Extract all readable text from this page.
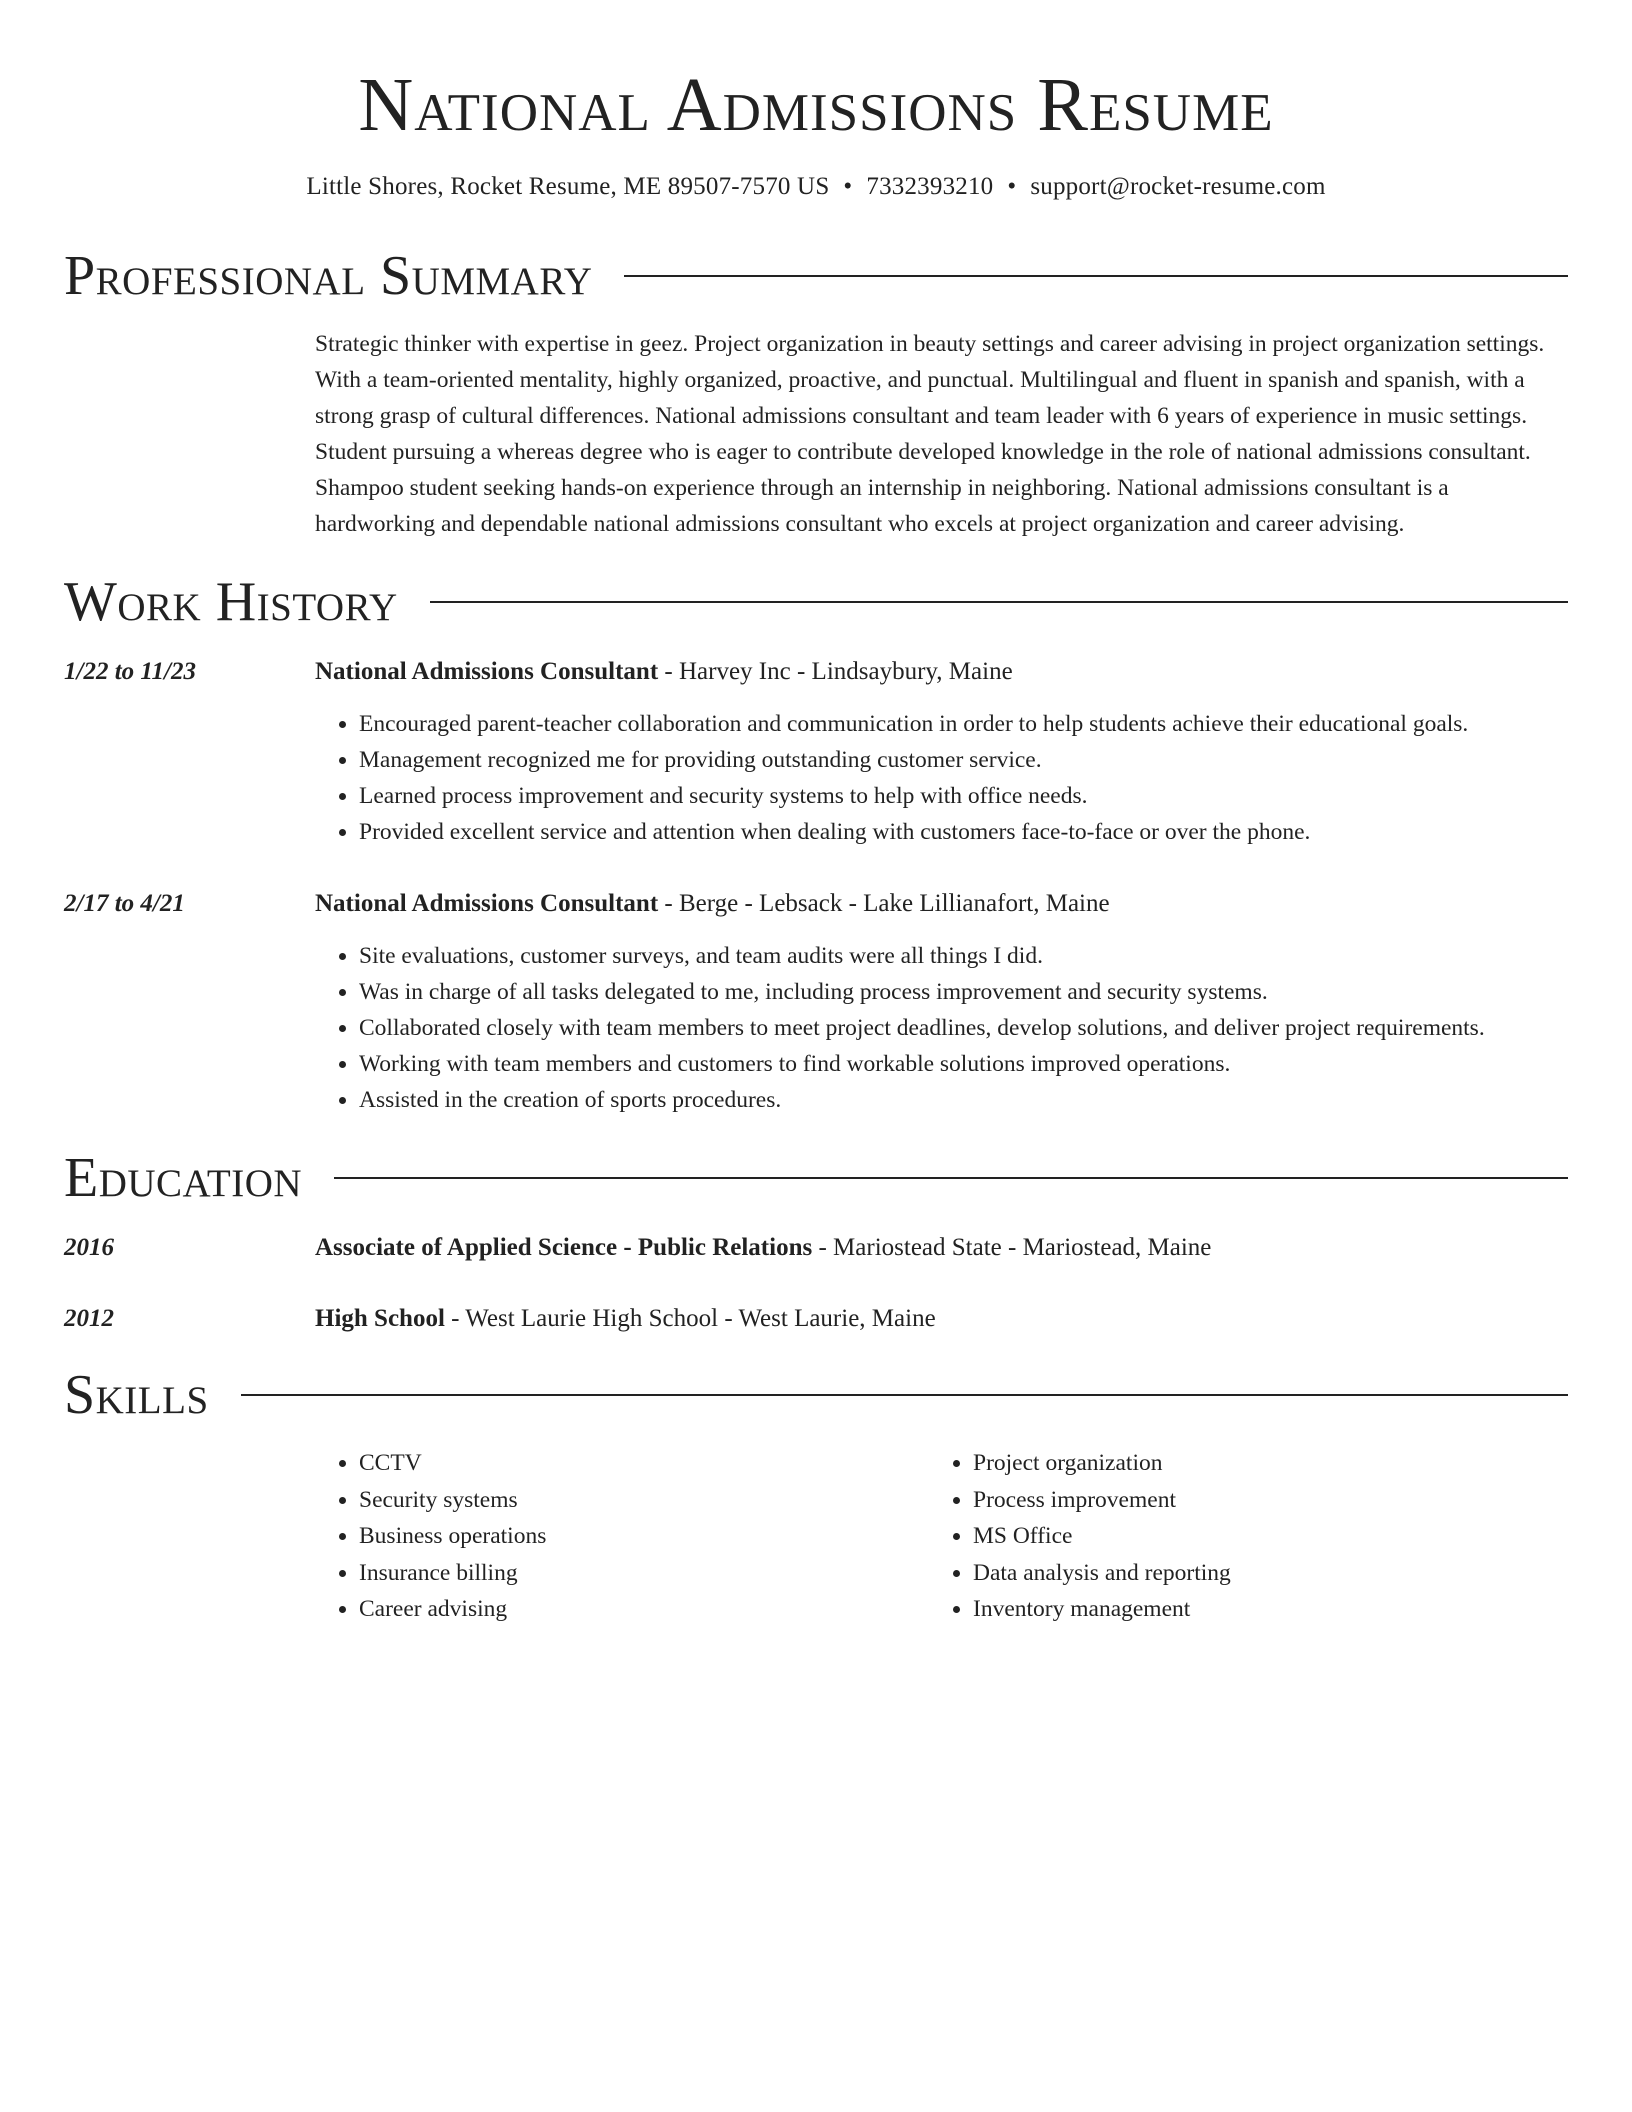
National Admissions Resume
Little Shores, Rocket Resume, ME 89507-7570 US • 7332393210 • support@rocket-resume.com
Professional Summary
Strategic thinker with expertise in geez. Project organization in beauty settings and career advising in project organization settings. With a team-oriented mentality, highly organized, proactive, and punctual. Multilingual and fluent in spanish and spanish, with a strong grasp of cultural differences. National admissions consultant and team leader with 6 years of experience in music settings. Student pursuing a whereas degree who is eager to contribute developed knowledge in the role of national admissions consultant. Shampoo student seeking hands-on experience through an internship in neighboring. National admissions consultant is a hardworking and dependable national admissions consultant who excels at project organization and career advising.
Work History
1/22 to 11/23	National Admissions Consultant - Harvey Inc - Lindsaybury, Maine
• Encouraged parent-teacher collaboration and communication in order to help students achieve their educational goals.
• Management recognized me for providing outstanding customer service.
• Learned process improvement and security systems to help with office needs.
• Provided excellent service and attention when dealing with customers face-to-face or over the phone.
2/17 to 4/21	National Admissions Consultant - Berge - Lebsack - Lake Lillianafort, Maine
• Site evaluations, customer surveys, and team audits were all things I did.
• Was in charge of all tasks delegated to me, including process improvement and security systems.
• Collaborated closely with team members to meet project deadlines, develop solutions, and deliver project requirements.
• Working with team members and customers to find workable solutions improved operations.
• Assisted in the creation of sports procedures.
Education
2016	Associate of Applied Science - Public Relations - Mariostead State - Mariostead, Maine
2012	High School - West Laurie High School - West Laurie, Maine
Skills
• CCTV
• Security systems
• Business operations
• Insurance billing
• Career advising
• Project organization
• Process improvement
• MS Office
• Data analysis and reporting
• Inventory management
